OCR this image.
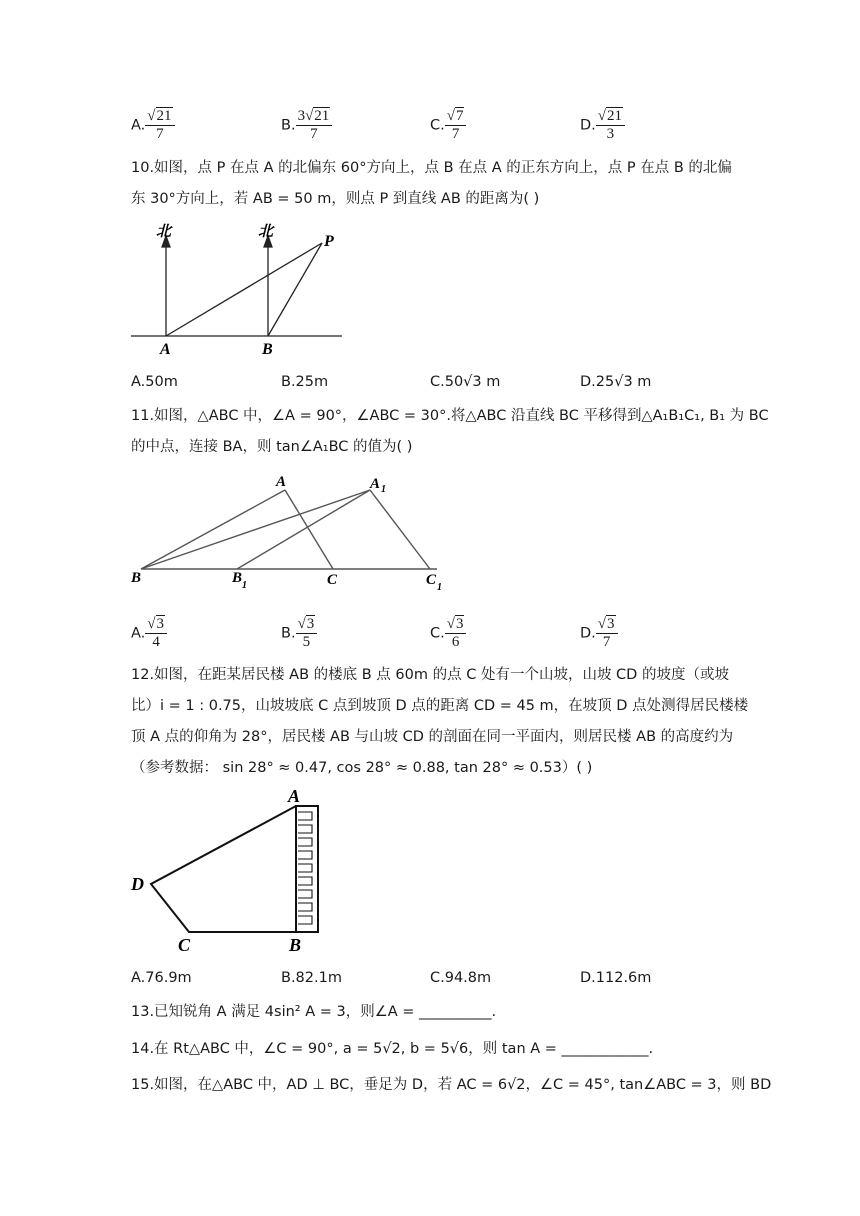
A. $\frac{√21}{7}$	B. $\frac{3√21}{7}$	C. $\frac{√7}{7}$	D. $\frac{√21}{3}$
10.如图，点 P 在点 A 的北偏东 60°方向上，点 B 在点 A 的正东方向上，点 P 在点 B 的北偏
东 30°方向上，若 AB = 50 m，则点 P 到直线 AB 的距离为( )
北	北
P
A	B
A	A 1
B	B 1	C	C 1
A
D
C	B
A.50m	B.25m	C.50√3 m	D.25√3 m
11.如图，△ABC 中，∠A = 90°，∠ABC = 30°.将△ABC 沿直线 BC 平移得到△A₁B₁C₁, B₁ 为 BC
的中点，连接 BA，则 tan∠A₁BC 的值为( )
A. $\frac{√3}{4}$	B. $\frac{√3}{5}$	C. $\frac{√3}{6}$	D. $\frac{√3}{7}$
12.如图，在距某居民楼 AB 的楼底 B 点 60m 的点 C 处有一个山坡，山坡 CD 的坡度（或坡
比）i = 1 : 0.75，山坡坡底 C 点到坡顶 D 点的距离 CD = 45 m，在坡顶 D 点处测得居民楼楼
顶 A 点的仰角为 28°，居民楼 AB 与山坡 CD 的剖面在同一平面内，则居民楼 AB 的高度约为
（参考数据： sin 28° ≈ 0.47, cos 28° ≈ 0.88, tan 28° ≈ 0.53）( )
A.76.9m	B.82.1m	C.94.8m	D.112.6m
13.已知锐角 A 满足 4sin² A = 3，则∠A = __________.
14.在 Rt△ABC 中，∠C = 90°, a = 5√2, b = 5√6，则 tan A = ____________.
15.如图，在△ABC 中，AD ⊥ BC，垂足为 D，若 AC = 6√2，∠C = 45°, tan∠ABC = 3，则 BD
